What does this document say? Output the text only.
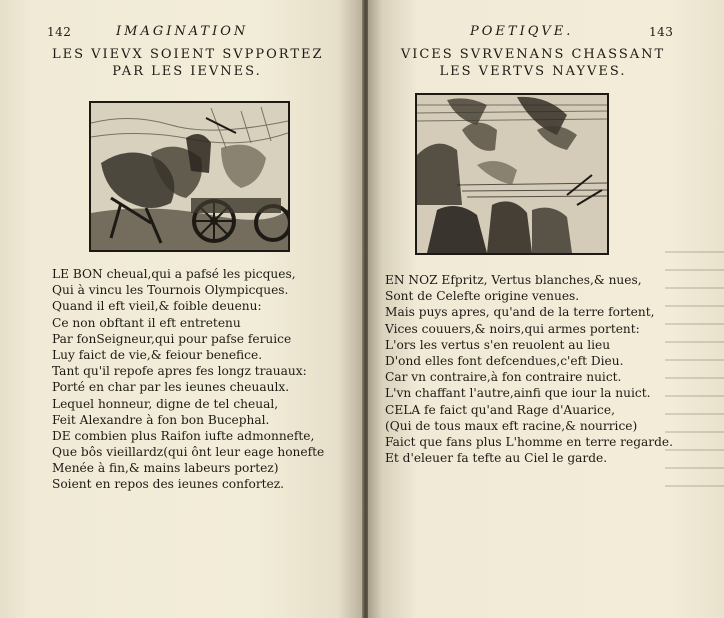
142	IMAGINATION
LES VIEVX SOIENT SVPPORTEZ
PAR LES IEVNES.
LE BON cheual,qui a pafsé les picques,
Qui à vincu les Tournois Olympicques.
Quand il eft vieil,& foible deuenu:
Ce non obftant il eft entretenu
Par fonSeigneur,qui pour pafse feruice
Luy faict de vie,& feiour benefice.
Tant qu'il repofe apres fes longz trauaux:
Porté en char par les ieunes cheuaulx.
Lequel honneur, digne de tel cheual,
Feit Alexandre à fon bon Bucephal.
DE combien plus Raifon iufte admonnefte,
Que bôs vieillardz(qui ônt leur eage honefte
Menée à fin,& mains labeurs portez)
Soient en repos des ieunes confortez.
POETIQVE.	143
VICES SVRVENANS CHASSANT
LES VERTVS NAYVES.
EN NOZ Efpritz, Vertus blanches,& nues,
Sont de Celefte origine venues.
Mais puys apres, qu'and de la terre fortent,
Vices couuers,& noirs,qui armes portent:
L'ors les vertus s'en reuolent au lieu
D'ond elles font defcendues,c'eft Dieu.
Car vn contraire,à fon contraire nuict.
L'vn chaffant l'autre,ainfi que iour la nuict.
CELA fe faict qu'and Rage d'Auarice,
(Qui de tous maux eft racine,& nourrice)
Faict que fans plus L'homme en terre regarde.
Et d'eleuer fa tefte au Ciel le garde.
